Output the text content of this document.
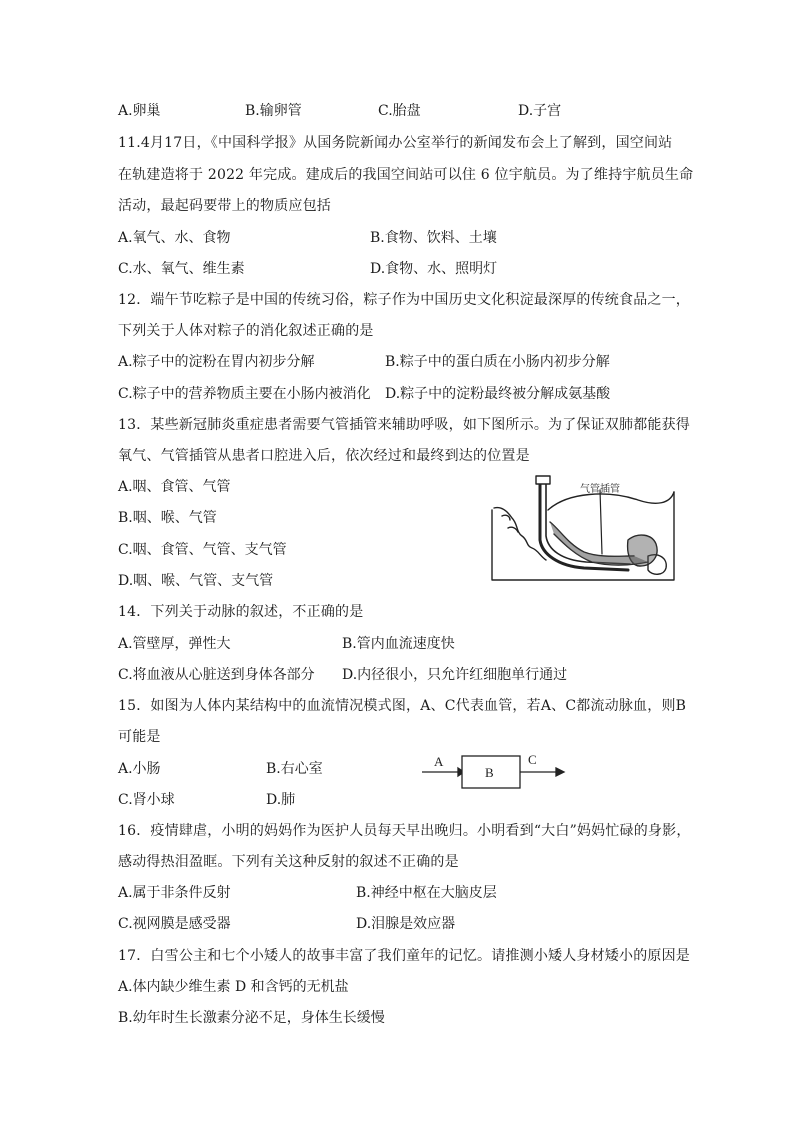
A.卵巢	B.输卵管	C.胎盘	D.子宫
11.4月17日，《中国科学报》从国务院新闻办公室举行的新闻发布会上了解到，国空间站
在轨建造将于 2022 年完成。建成后的我国空间站可以住 6 位宇航员。为了维持宇航员生命
活动，最起码要带上的物质应包括
A.氧气、水、食物	B.食物、饮料、土壤
C.水、氧气、维生素	D.食物、水、照明灯
12．端午节吃粽子是中国的传统习俗，粽子作为中国历史文化积淀最深厚的传统食品之一，
下列关于人体对粽子的消化叙述正确的是
A.粽子中的淀粉在胃内初步分解	B.粽子中的蛋白质在小肠内初步分解
C.粽子中的营养物质主要在小肠内被消化 D.粽子中的淀粉最终被分解成氨基酸
13．某些新冠肺炎重症患者需要气管插管来辅助呼吸，如下图所示。为了保证双肺都能获得
氧气、气管插管从患者口腔进入后，依次经过和最终到达的位置是
A.咽、食管、气管
B.咽、喉、气管
C.咽、食管、气管、支气管
D.咽、喉、气管、支气管
气管插管
14．下列关于动脉的叙述，不正确的是
A.管壁厚，弹性大	B.管内血流速度快
C.将血液从心脏送到身体各部分 D.内径很小，只允许红细胞单行通过
15．如图为人体内某结构中的血流情况模式图，A、C代表血管，若A、C都流动脉血，则B
可能是
A.小肠	B.右心室
C.肾小球	D.肺
A
B
C
16．疫情肆虐，小明的妈妈作为医护人员每天早出晚归。小明看到“大白”妈妈忙碌的身影，
感动得热泪盈眶。下列有关这种反射的叙述不正确的是
A.属于非条件反射	B.神经中枢在大脑皮层
C.视网膜是感受器	D.泪腺是效应器
17．白雪公主和七个小矮人的故事丰富了我们童年的记忆。请推测小矮人身材矮小的原因是
A.体内缺少维生素 D 和含钙的无机盐
B.幼年时生长激素分泌不足，身体生长缓慢
